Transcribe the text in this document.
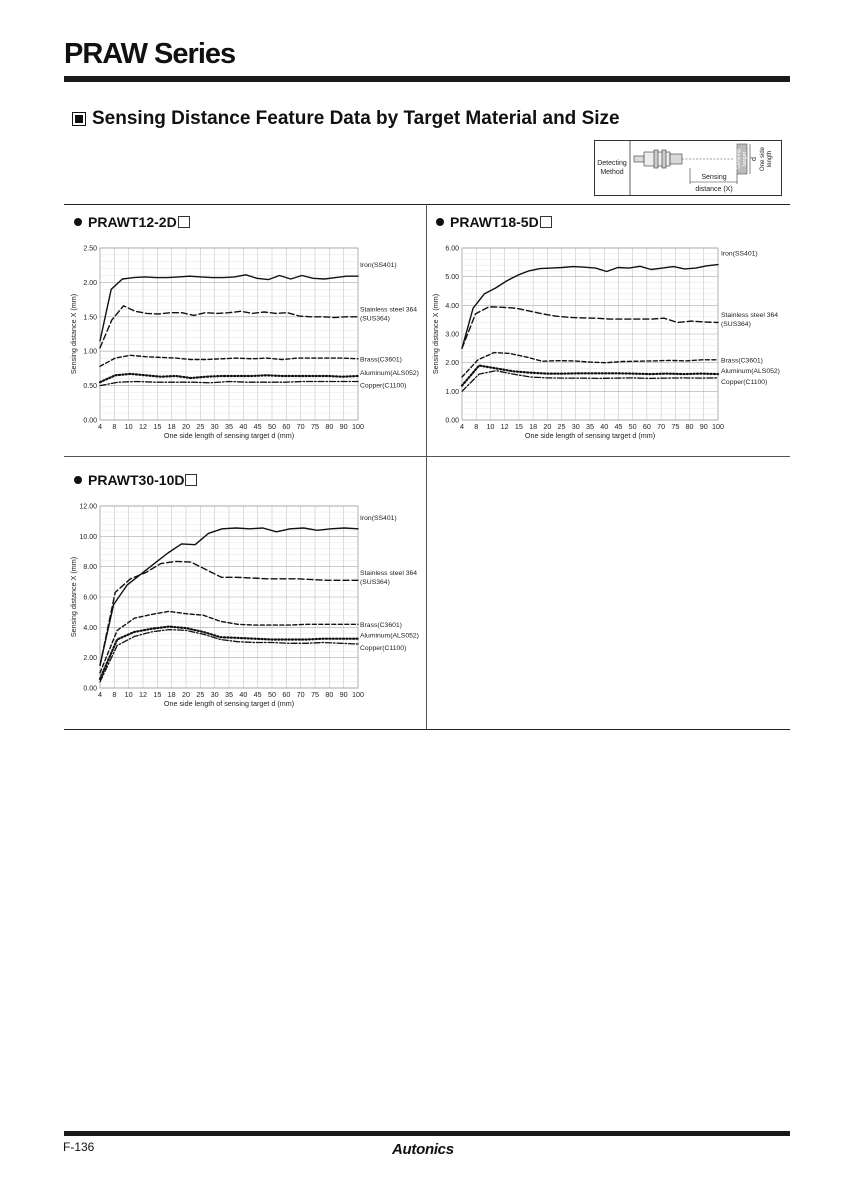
PRAW Series
Sensing Distance Feature Data by Target Material and Size
Detecting
Method
Sensing target d One side length
Sensing
distance (X)
PRAWT12-2D
4 8 10 12 15 18 20 25 30 35 40 45 50 60 70 75 80 90 100
0.00
0.50
1.00
1.50
2.00
2.50
One side length of sensing target d (mm)
Sensing distance X (mm)
Iron(SS401)
Stainless steel 364
(SUS364)
Brass(C3601)
Aluminum(ALS052)
Copper(C1100)
PRAWT18-5D
4 8 10 12 15 18 20 25 30 35 40 45 50 60 70 75 80 90 100
0.00
1.00
2.00
3.00
4.00
5.00
6.00
One side length of sensing target d (mm)
Sensing distance X (mm)
Iron(SS401)
Stainless steel 364
(SUS364)
Brass(C3601)
Aluminum(ALS052)
Copper(C1100)
PRAWT30-10D
4 8 10 12 15 18 20 25 30 35 40 45 50 60 70 75 80 90 100
0.00
2.00
4.00
6.00
8.00
10.00
12.00
One side length of sensing target d (mm)
Sensing distance X (mm)
Iron(SS401)
Stainless steel 364
(SUS364)
Brass(C3601)
Aluminum(ALS052)
Copper(C1100)
F-136	Autonics
